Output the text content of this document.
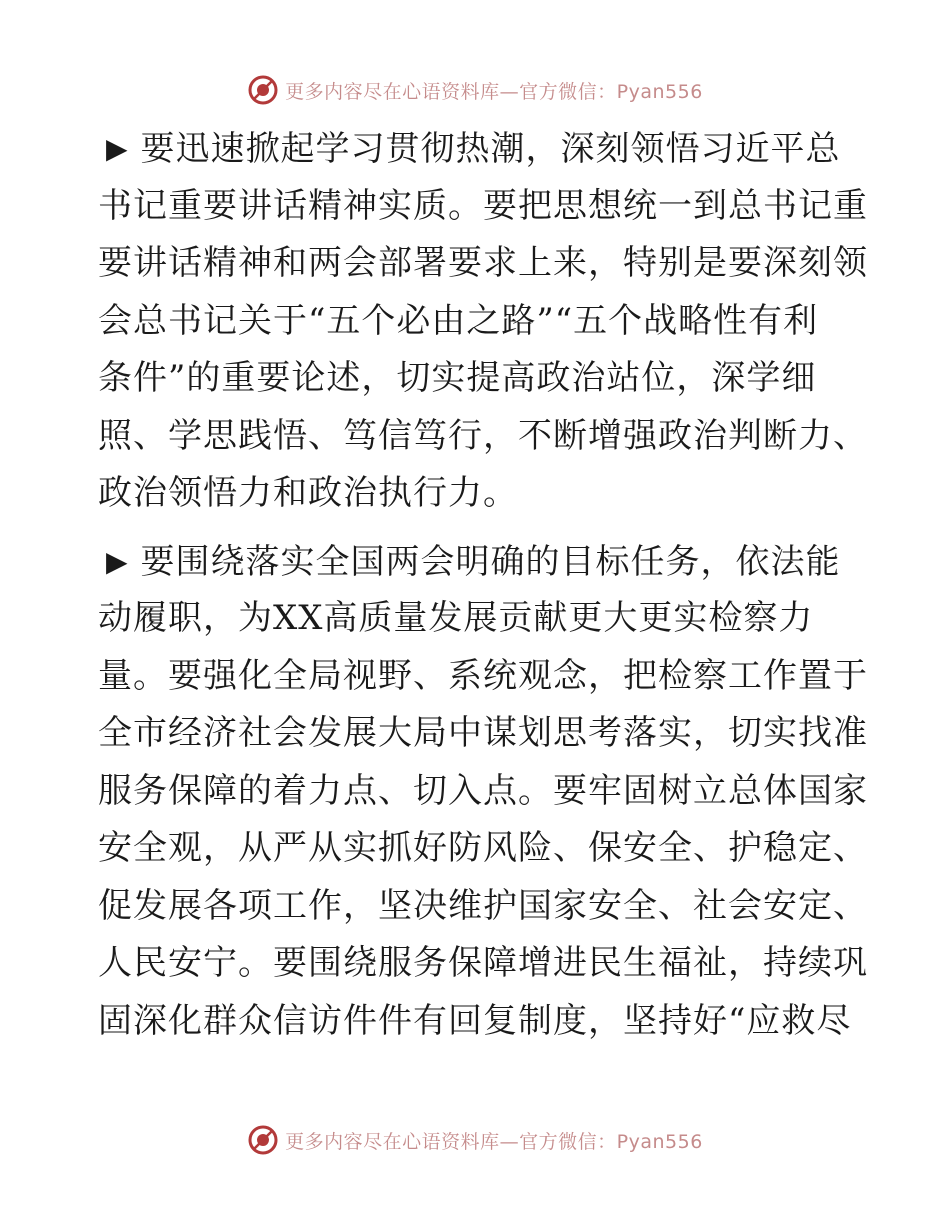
更多内容尽在心语资料库—官方微信：Pyan556
▶ 要迅速掀起学习贯彻热潮，深刻领悟习近平总
书记重要讲话精神实质。要把思想统一到总书记重
要讲话精神和两会部署要求上来，特别是要深刻领
会总书记关于“五个必由之路”“五个战略性有利
条件”的重要论述，切实提高政治站位，深学细
照、学思践悟、笃信笃行，不断增强政治判断力、
政治领悟力和政治执行力。
▶ 要围绕落实全国两会明确的目标任务，依法能
动履职，为XX高质量发展贡献更大更实检察力
量。要强化全局视野、系统观念，把检察工作置于
全市经济社会发展大局中谋划思考落实，切实找准
服务保障的着力点、切入点。要牢固树立总体国家
安全观，从严从实抓好防风险、保安全、护稳定、
促发展各项工作，坚决维护国家安全、社会安定、
人民安宁。要围绕服务保障增进民生福祉，持续巩
固深化群众信访件件有回复制度，坚持好“应救尽
更多内容尽在心语资料库—官方微信：Pyan556
